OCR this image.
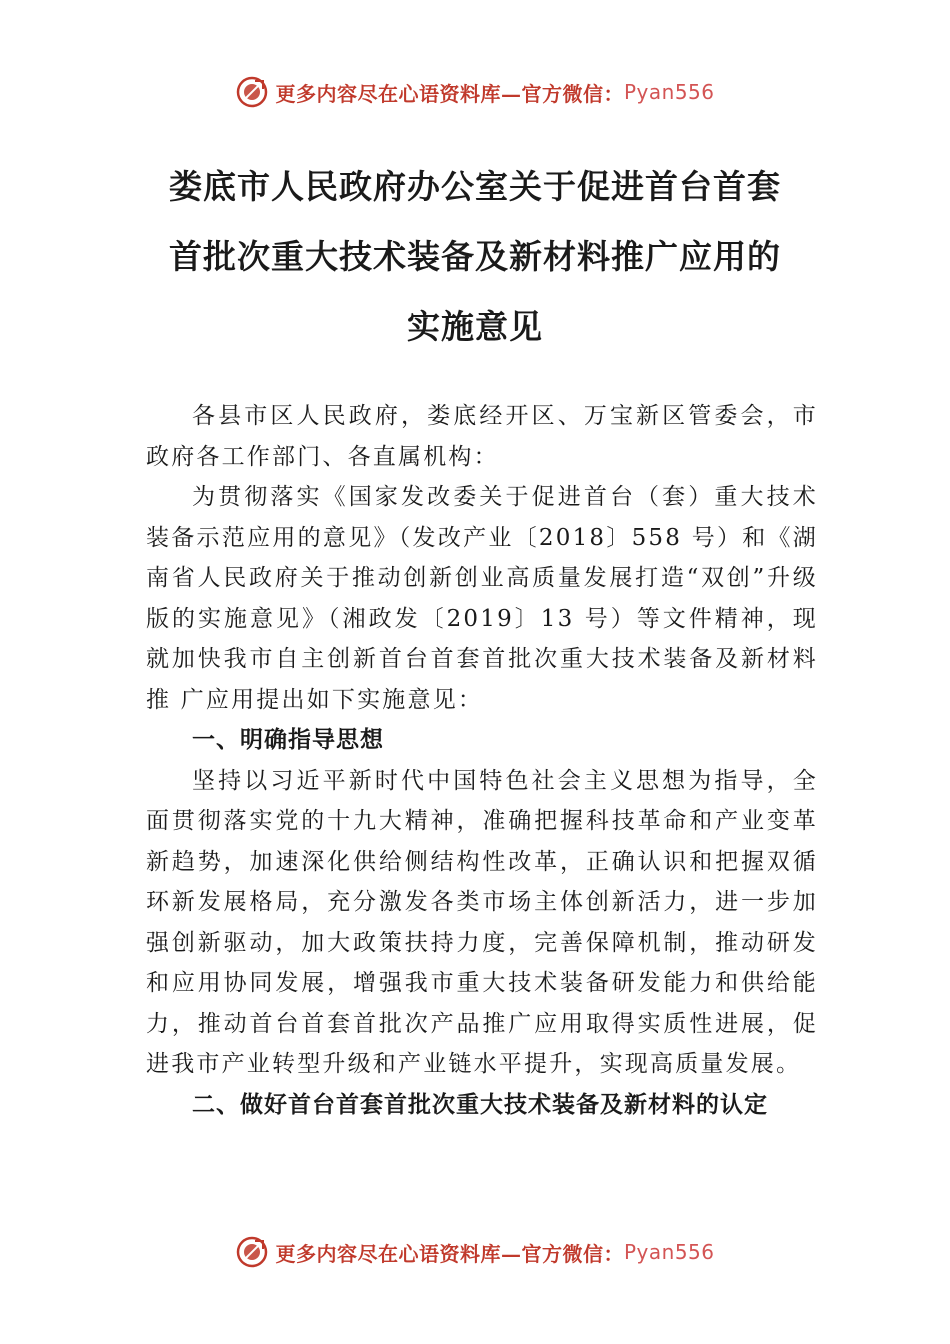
更多内容尽在心语资料库—官方微信： Pyan556
娄底市人民政府办公室关于促进首台首套
首批次重大技术装备及新材料推广应用的
实施意见

各县市区人民政府，娄底经开区、万宝新区管委会，市政府各工作部门、各直属机构：

为贯彻落实《国家发改委关于促进首台（套）重大技术装备示范应用的意见》（发改产业〔2018〕558 号）和《湖南省人民政府关于推动创新创业高质量发展打造“双创”升级版的实施意见》（湘政发〔2019〕13 号）等文件精神，现就加快我市自主创新首台首套首批次重大技术装备及新材料推 广应用提出如下实施意见：

一、明确指导思想

坚持以习近平新时代中国特色社会主义思想为指导，全面贯彻落实党的十九大精神，准确把握科技革命和产业变革新趋势，加速深化供给侧结构性改革，正确认识和把握双循环新发展格局，充分激发各类市场主体创新活力，进一步加强创新驱动，加大政策扶持力度，完善保障机制，推动研发和应用协同发展，增强我市重大技术装备研发能力和供给能力，推动首台首套首批次产品推广应用取得实质性进展，促进我市产业转型升级和产业链水平提升，实现高质量发展。

二、做好首台首套首批次重大技术装备及新材料的认定
更多内容尽在心语资料库—官方微信： Pyan556
